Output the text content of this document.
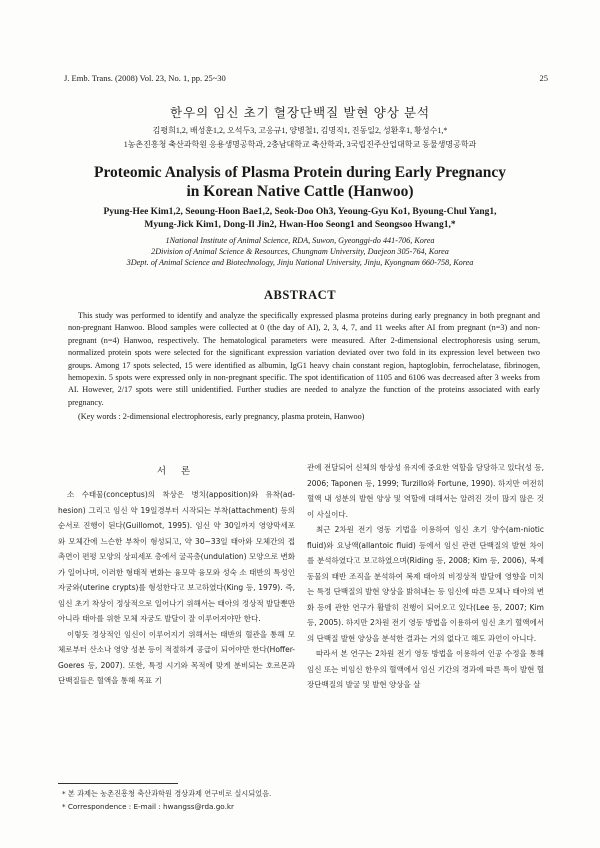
J. Emb. Trans. (2008) Vol. 23, No. 1, pp. 25~30	25
한우의 임신 초기 혈장단백질 발현 양상 분석
김평희1,2, 배성훈1,2, 오석두3, 고응규1, 양병철1, 김명직1, 진동일2, 성환후1, 황성수1,*
1농촌진흥청 축산과학원 응용생명공학과, 2충남대학교 축산학과, 3국립진주산업대학교 동물생명공학과
Proteomic Analysis of Plasma Protein during Early Pregnancy
in Korean Native Cattle (Hanwoo)
Pyung-Hee Kim1,2, Seoung-Hoon Bae1,2, Seok-Doo Oh3, Yeoung-Gyu Ko1, Byoung-Chul Yang1,
Myung-Jick Kim1, Dong-Il Jin2, Hwan-Hoo Seong1 and Seongsoo Hwang1,*
1National Institute of Animal Science, RDA, Suwon, Gyeonggi-do 441-706, Korea
2Division of Animal Science & Resources, Chungnam University, Daejeon 305-764, Korea
3Dept. of Animal Science and Biotechnology, Jinju National University, Jinju, Kyongnam 660-758, Korea
ABSTRACT

This study was performed to identify and analyze the specifically expressed plasma proteins during early pregnancy in both pregnant and non-pregnant Hanwoo. Blood samples were collected at 0 (the day of AI), 2, 3, 4, 7, and 11 weeks after AI from pregnant (n=3) and non-pregnant (n=4) Hanwoo, respectively. The hematological parameters were measured. After 2-dimensional electrophoresis using serum, normalized protein spots were selected for the significant expression variation deviated over two fold in its expression level between two groups. Among 17 spots selected, 15 were identified as albumin, IgG1 heavy chain constant region, haptoglobin, ferrochelatase, fibrinogen, hemopexin. 5 spots were expressed only in non-pregnant specific. The spot identification of 1105 and 6106 was decreased after 3 weeks from AI. However, 2/17 spots were still unidentified. Further studies are needed to analyze the function of the proteins associated with early pregnancy.

(Key words : 2-dimensional electrophoresis, early pregnancy, plasma protein, Hanwoo)

서 론

소 수태물(conceptus)의 착상은 병치(apposition)와 유착(ad-hesion) 그리고 임신 약 19일경부터 시작되는 부착(attachment) 등의 순서로 진행이 된다(Guillomot, 1995). 임신 약 30일까지 영양막세포와 모체간에 느슨한 부착이 형성되고, 약 30~33일 태아와 모체간의 접촉면이 편평 모양의 상피세포 층에서 굴곡층(undulation) 모양으로 변화가 일어나며, 이러한 형태적 변화는 융모막 융모와 성숙 소 태반의 특성인 자궁와(uterine crypts)를 형성한다고 보고하였다(King 등, 1979). 즉, 임신 초기 착상이 정상적으로 일어나기 위해서는 태아의 정상적 발달뿐만 아니라 태아를 위한 모체 자궁도 발달이 잘 이루어져야만 한다.

이렇듯 정상적인 임신이 이루어지기 위해서는 태반의 혈관을 통해 모체로부터 산소나 영양 성분 등이 적절하게 공급이 되어야만 한다(Hoffer-Goeres 등, 2007). 또한, 특정 시기와 목적에 맞게 분비되는 호르몬과 단백질들은 혈액을 통해 목표 기

관에 전달되어 신체의 항상성 유지에 중요한 역할을 담당하고 있다(성 등, 2006; Taponen 등, 1999; Turzillo와 Fortune, 1990). 하지만 여전히 혈액 내 성분의 발현 양상 및 역할에 대해서는 알려진 것이 많지 않은 것이 사실이다.

최근 2차원 전기 영동 기법을 이용하여 임신 초기 양수(am-niotic fluid)와 요낭액(allantoic fluid) 등에서 임신 관련 단백질의 발현 차이를 분석하였다고 보고하였으며(Riding 등, 2008; Kim 등, 2006), 복제 동물의 태반 조직을 분석하여 복제 태아의 비정상적 발달에 영향을 미치는 특정 단백질의 발현 양상을 밝혀내는 등 임신에 따른 모체나 태아의 변화 등에 관한 연구가 활발히 진행이 되어오고 있다(Lee 등, 2007; Kim 등, 2005). 하지만 2차원 전기 영동 방법을 이용하여 임신 초기 혈액에서의 단백질 발현 양상을 분석한 결과는 거의 없다고 해도 과언이 아니다.

따라서 본 연구는 2차원 전기 영동 방법을 이용하여 인공 수정을 통해 임신 또는 비임신 한우의 혈액에서 임신 기간의 경과에 따른 특이 발현 혈장단백질의 발굴 및 발현 양상을 살

* 본 과제는 농촌진흥청 축산과학원 경상과제 연구비로 실시되었음.
* Correspondence : E-mail : hwangss@rda.go.kr
